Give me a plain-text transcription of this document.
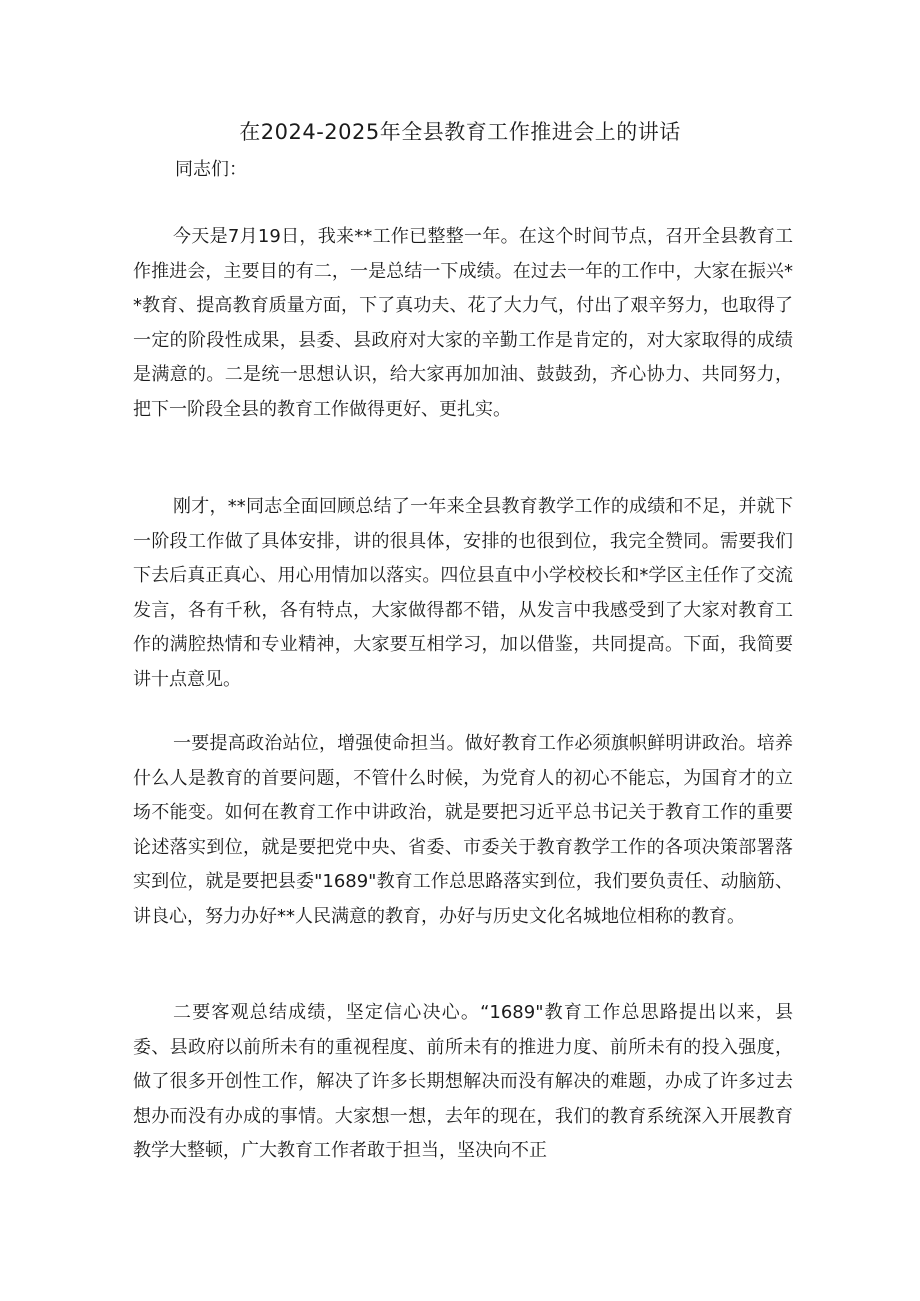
在2024-2025年全县教育工作推进会上的讲话
同志们：

今天是7月19日，我来**工作已整整一年。在这个时间节点，召开全县教育工作推进会，主要目的有二，一是总结一下成绩。在过去一年的工作中，大家在振兴**教育、提高教育质量方面，下了真功夫、花了大力气，付出了艰辛努力，也取得了一定的阶段性成果，县委、县政府对大家的辛勤工作是肯定的，对大家取得的成绩是满意的。二是统一思想认识，给大家再加加油、鼓鼓劲，齐心协力、共同努力，把下一阶段全县的教育工作做得更好、更扎实。

刚才，**同志全面回顾总结了一年来全县教育教学工作的成绩和不足，并就下一阶段工作做了具体安排，讲的很具体，安排的也很到位，我完全赞同。需要我们下去后真正真心、用心用情加以落实。四位县直中小学校校长和*学区主任作了交流发言，各有千秋，各有特点，大家做得都不错，从发言中我感受到了大家对教育工作的满腔热情和专业精神，大家要互相学习，加以借鉴，共同提高。下面，我简要讲十点意见。

一要提高政治站位，增强使命担当。做好教育工作必须旗帜鲜明讲政治。培养什么人是教育的首要问题，不管什么时候，为党育人的初心不能忘，为国育才的立场不能变。如何在教育工作中讲政治，就是要把习近平总书记关于教育工作的重要论述落实到位，就是要把党中央、省委、市委关于教育教学工作的各项决策部署落实到位，就是要把县委"1689"教育工作总思路落实到位，我们要负责任、动脑筋、讲良心，努力办好**人民满意的教育，办好与历史文化名城地位相称的教育。

二要客观总结成绩，坚定信心决心。“1689"教育工作总思路提出以来，县委、县政府以前所未有的重视程度、前所未有的推进力度、前所未有的投入强度，做了很多开创性工作，解决了许多长期想解决而没有解决的难题，办成了许多过去想办而没有办成的事情。大家想一想，去年的现在，我们的教育系统深入开展教育教学大整顿，广大教育工作者敢于担当，坚决向不正
